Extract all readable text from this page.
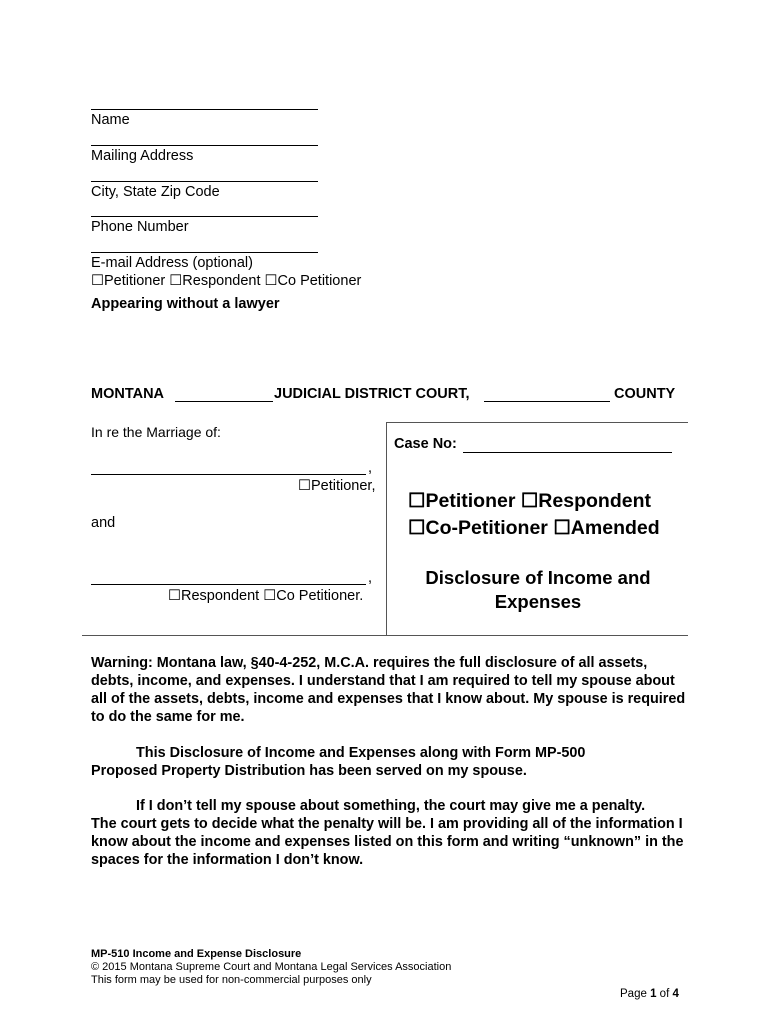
Name
Mailing Address
City, State Zip Code
Phone Number
E-mail Address (optional)
☐Petitioner ☐Respondent ☐Co Petitioner
Appearing without a lawyer
MONTANA	JUDICIAL DISTRICT COURT,	COUNTY
In re the Marriage of:
,
☐Petitioner,
and
,
☐Respondent ☐Co Petitioner.
Case No:
☐Petitioner ☐Respondent
☐Co-Petitioner ☐Amended
Disclosure of Income and
Expenses
Warning: Montana law, §40-4-252, M.C.A. requires the full disclosure of all assets, debts, income, and expenses. I understand that I am required to tell my spouse about all of the assets, debts, income and expenses that I know about. My spouse is required to do the same for me.
This Disclosure of Income and Expenses along with Form MP-500
Proposed Property Distribution has been served on my spouse.
If I don’t tell my spouse about something, the court may give me a penalty.
The court gets to decide what the penalty will be. I am providing all of the information I know about the income and expenses listed on this form and writing “unknown” in the spaces for the information I don’t know.
MP-510 Income and Expense Disclosure
© 2015 Montana Supreme Court and Montana Legal Services Association
This form may be used for non-commercial purposes only
Page 1 of 4
